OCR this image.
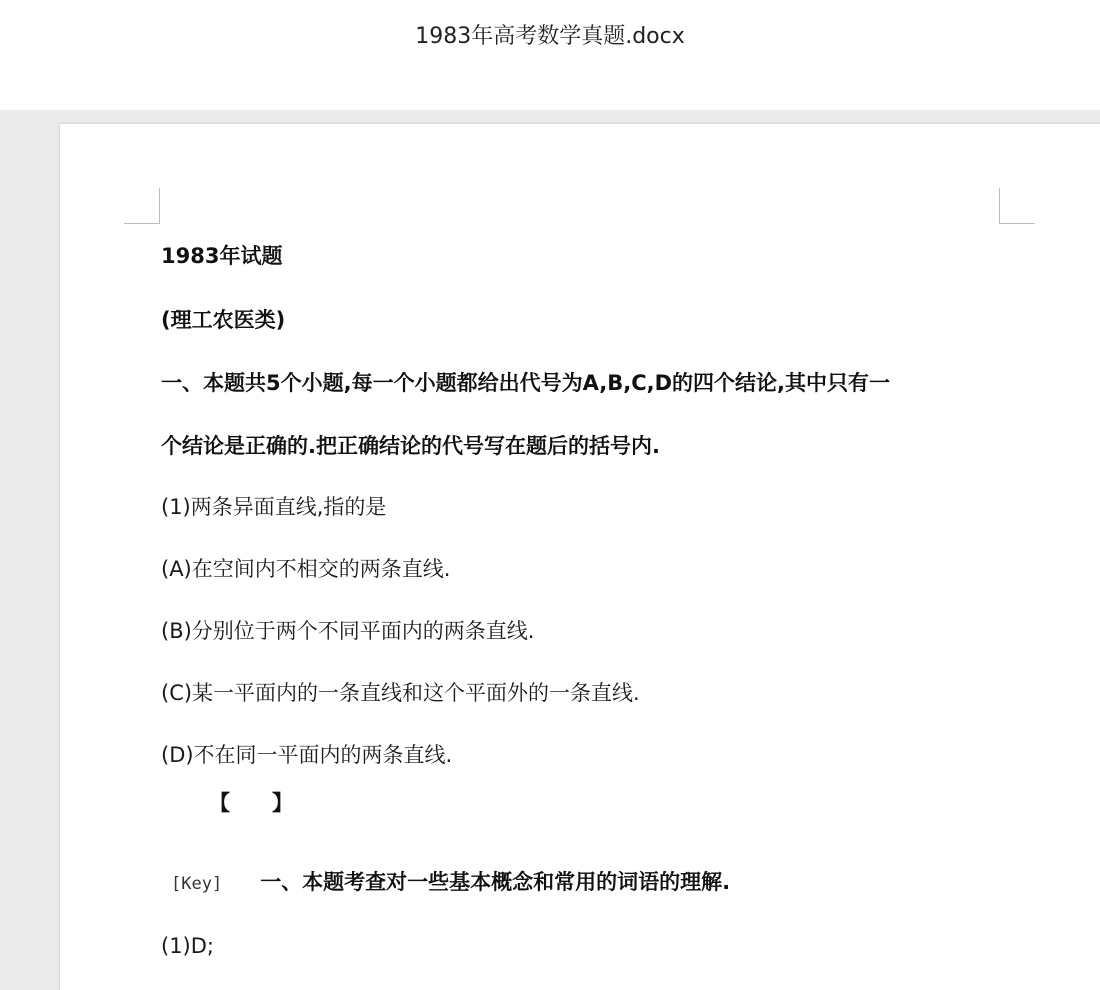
1983年高考数学真题.docx
1983年试题
(理工农医类)
一、本题共5个小题,每一个小题都给出代号为A,B,C,D的四个结论,其中只有一
个结论是正确的.把正确结论的代号写在题后的括号内.
(1)两条异面直线,指的是
(A)在空间内不相交的两条直线.
(B)分别位于两个不同平面内的两条直线.
(C)某一平面内的一条直线和这个平面外的一条直线.
(D)不在同一平面内的两条直线.
【　　】
[Key] 一、本题考查对一些基本概念和常用的词语的理解.
(1)D;
